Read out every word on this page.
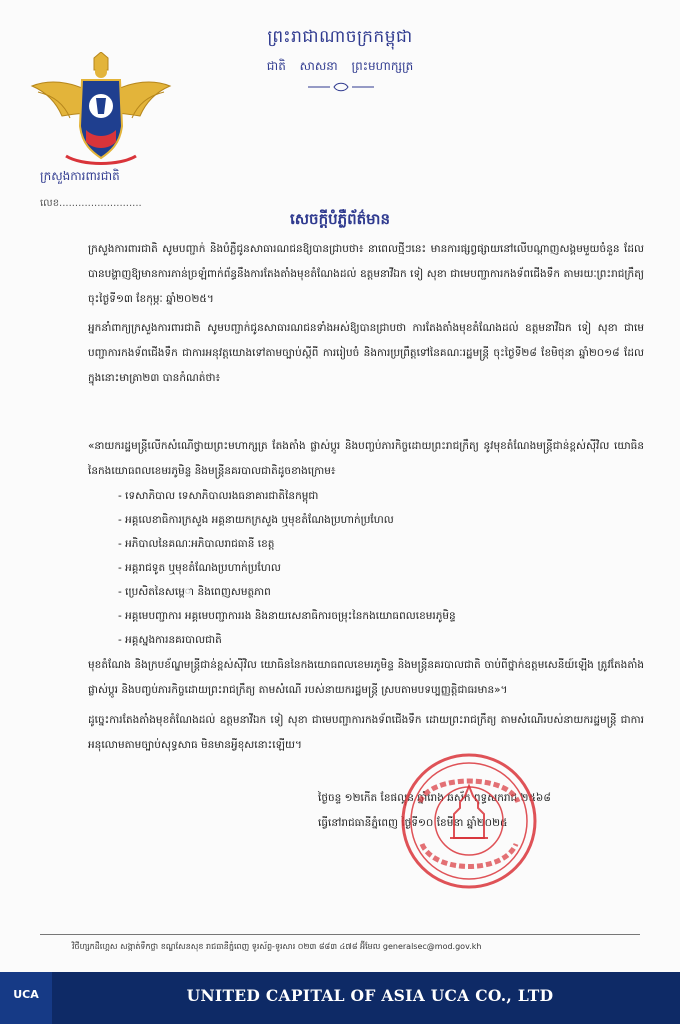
ក្រសួងការពារជាតិ
លេខ..........................
ព្រះរាជាណាចក្រកម្ពុជា
ជាតិ សាសនា ព្រះមហាក្សត្រ
សេចក្តីបំភ្លឺព័ត៌មាន

ក្រសួងការពារជាតិ សូមបញ្ជាក់ និងបំភ្លឺជូនសាធារណជនឱ្យបានជ្រាបថា៖ នាពេលថ្មីៗនេះ មានការផ្សព្វផ្សាយនៅលើបណ្តាញសង្គមមួយចំនួន ដែលបានបង្ហាញឱ្យមានការភាន់ច្រឡំពាក់ព័ន្ធនឹងការតែងតាំងមុខតំណែងដល់ ឧត្តមនាវីឯក ទៀ សុខា ជាមេបញ្ជាការកងទ័ពជើងទឹក តាមរយៈព្រះរាជក្រឹត្យ ចុះថ្ងៃទី១៣ ខែកុម្ភៈ ឆ្នាំ២០២៥។

អ្នកនាំពាក្យក្រសួងការពារជាតិ សូមបញ្ជាក់ជូនសាធារណជនទាំងអស់ឱ្យបានជ្រាបថា ការតែងតាំងមុខតំណែងដល់ ឧត្តមនាវីឯក ទៀ សុខា ជាមេបញ្ជាការកងទ័ពជើងទឹក ជាការអនុវត្តយោងទៅតាមច្បាប់ស្តីពី ការរៀបចំ និងការប្រព្រឹត្តទៅនៃគណៈរដ្ឋមន្ត្រី ចុះថ្ងៃទី២៨ ខែមិថុនា ឆ្នាំ២០១៨ ដែលក្នុងនោះមាត្រា២៣ បានកំណត់ថា៖

«នាយករដ្ឋមន្ត្រីលើកសំណើថ្វាយព្រះមហាក្សត្រ តែងតាំង ផ្លាស់ប្តូរ និងបញ្ចប់ភារកិច្ចដោយព្រះរាជក្រឹត្យ នូវមុខតំណែងមន្ត្រីជាន់ខ្ពស់ស៊ីវិល យោធិន នៃកងយោធពលខេមរភូមិន្ទ និងមន្ត្រីនគរបាលជាតិដូចខាងក្រោម៖

- ទេសាភិបាល ទេសាភិបាលរងធនាគារជាតិនៃកម្ពុជា
- អគ្គលេខាធិការក្រសួង អគ្គនាយកក្រសួង ឬមុខតំណែងប្រហាក់ប្រហែល
- អភិបាលនៃគណៈអភិបាលរាជធានី ខេត្ត
- អគ្គរាជទូត ឬមុខតំណែងប្រហាក់ប្រហែល
- ប្រេសិតនៃសមេ្ពា និងពេញសមត្ថភាព
- អគ្គមេបញ្ជាការ អគ្គមេបញ្ជាការរង និងនាយសេនាធិការចម្រុះនៃកងយោធពលខេមរភូមិន្ទ
- អគ្គស្នងការនគរបាលជាតិ

មុខតំណែង និងក្របខ័ណ្ឌមន្ត្រីជាន់ខ្ពស់ស៊ីវិល យោធិននៃកងយោធពលខេមរភូមិន្ទ និងមន្ត្រីនគរបាលជាតិ ចាប់ពីថ្នាក់ឧត្តមសេនីយ៍ឡើង ត្រូវតែងតាំង ផ្លាស់ប្តូរ និងបញ្ចប់ភារកិច្ចដោយព្រះរាជក្រឹត្យ តាមសំណើ របស់នាយករដ្ឋមន្ត្រី ស្របតាមបទប្បញ្ញត្តិជាធរមាន»។

ដូច្នេះការតែងតាំងមុខតំណែងដល់ ឧត្តមនាវីឯក ទៀ សុខា ជាមេបញ្ជាការកងទ័ពជើងទឹក ដោយព្រះរាជក្រឹត្យ តាមសំណើរបស់នាយករដ្ឋមន្ត្រី ជាការអនុលោមតាមច្បាប់សុទ្ធសាធ មិនមានអ្វីខុសនោះឡើយ។

ថ្ងៃចន្ទ ១២កើត ខែផល្គុន ឆ្នាំរោង ឆស័ក ពុទ្ធសករាជ ២៥៦៨
ធ្វើនៅរាជធានីភ្នំពេញ ថ្ងៃទី១០ ខែមីនា ឆ្នាំ២០២៥
វិថីហ្សកដឺហ្គេស សង្កាត់ទឹកថ្លា ខណ្ឌសែនសុខ រាជធានីភ្នំពេញ ទូរស័ព្ទ-ទូរសារ ០២៣ ៨៨៣ ៤៧៨ អ៊ីមែល generalsec@mod.gov.kh
UCA	UNITED CAPITAL OF ASIA UCA CO., LTD
